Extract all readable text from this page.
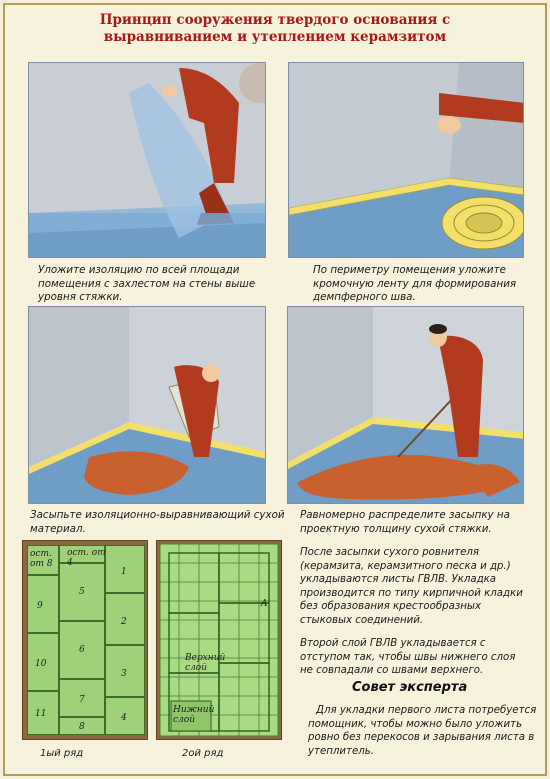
Принцип сооружения твердого основания с
выравниванием и утеплением керамзитом
Уложите изоляцию по всей площади
помещения с захлестом на стены выше
уровня стяжки.
По периметру помещения уложите
кромочную ленту для формирования
демпферного шва.
Засыпьте изоляционно-выравнивающий сухой
материал.
Равномерно распределите засыпку на
проектную толщину сухой стяжки.
ост. от 8
ост. от 4
9
10
11
5
6
7
8
1
2
3
4
Верхний
слой
Нижний
слой
A
1ый ряд	2ой ряд

После засыпки сухого ровнителя

(керамзита, керамзитного песка и др.)

укладываются листы ГВЛВ. Укладка

производится по типу кирпичной кладки

без образования крестообразных

стыковых соединений.

Второй слой ГВЛВ укладывается с

отступом так, чтобы швы нижнего слоя

не совпадали со швами верхнего.

Совет эксперта

Для укладки первого листа потребуется

помощник, чтобы можно было уложить

ровно без перекосов и зарывания листа в

утеплитель.
